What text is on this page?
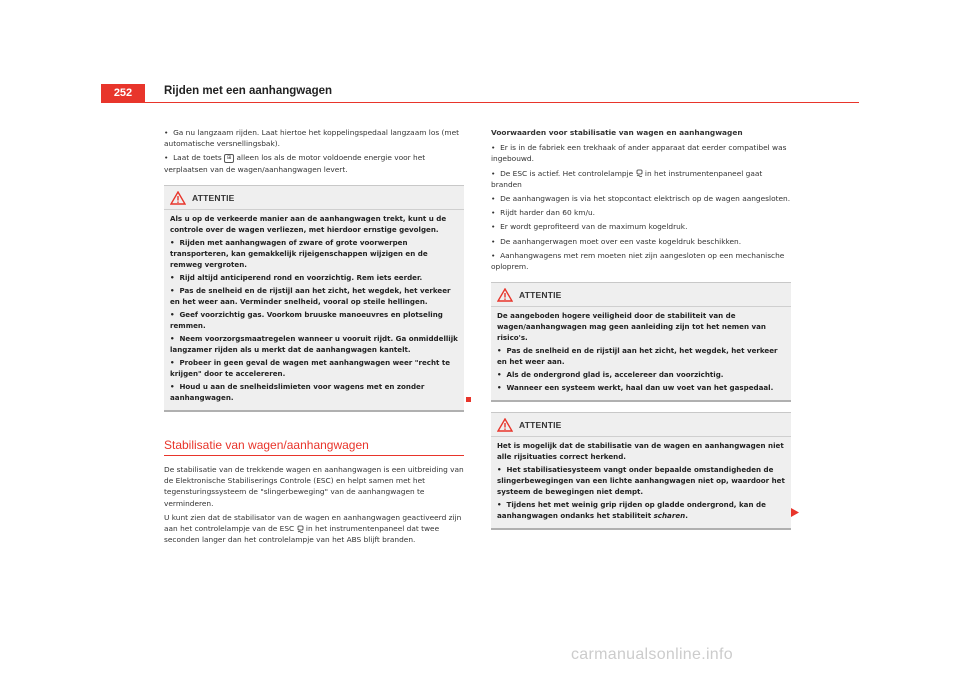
252	Rijden met een aanhangwagen
•  Ga nu langzaam rijden. Laat hiertoe het koppelingspedaal langzaam los (met automatische versnellingsbak).
•  Laat de toets ⊞ alleen los als de motor voldoende energie voor het verplaatsen van de wagen/aanhangwagen levert.
ATTENTIE
Als u op de verkeerde manier aan de aanhangwagen trekt, kunt u de controle over de wagen verliezen, met hierdoor ernstige gevolgen.
•  Rijden met aanhangwagen of zware of grote voorwerpen transporteren, kan gemakkelijk rijeigenschappen wijzigen en de remweg vergroten.
•  Rijd altijd anticiperend rond en voorzichtig. Rem iets eerder.
•  Pas de snelheid en de rijstijl aan het zicht, het wegdek, het verkeer en het weer aan. Verminder snelheid, vooral op steile hellingen.
•  Geef voorzichtig gas. Voorkom bruuske manoeuvres en plotseling remmen.
•  Neem voorzorgsmaatregelen wanneer u vooruit rijdt. Ga onmiddellijk langzamer rijden als u merkt dat de aanhangwagen kantelt.
•  Probeer in geen geval de wagen met aanhangwagen weer "recht te krijgen" door te accelereren.
•  Houd u aan de snelheidslimieten voor wagens met en zonder aanhangwagen.
Stabilisatie van wagen/aanhangwagen
De stabilisatie van de trekkende wagen en aanhangwagen is een uitbreiding van de Elektronische Stabiliserings Controle (ESC) en helpt samen met het tegensturingssysteem de "slingerbeweging" van de aanhangwagen te verminderen.
U kunt zien dat de stabilisator van de wagen en aanhangwagen geactiveerd zijn aan het controlelampje van de ESC  in het instrumentenpaneel dat twee seconden langer dan het controlelampje van het ABS blijft branden.
Voorwaarden voor stabilisatie van wagen en aanhangwagen
•  Er is in de fabriek een trekhaak of ander apparaat dat eerder compatibel was ingebouwd.
•  De ESC is actief. Het controlelampje  in het instrumentenpaneel gaat branden
•  De aanhangwagen is via het stopcontact elektrisch op de wagen aangesloten.
•  Rijdt harder dan 60 km/u.
•  Er wordt geprofiteerd van de maximum kogeldruk.
•  De aanhangerwagen moet over een vaste kogeldruk beschikken.
•  Aanhangwagens met rem moeten niet zijn aangesloten op een mechanische oploprem.
ATTENTIE
De aangeboden hogere veiligheid door de stabiliteit van de wagen/aanhangwagen mag geen aanleiding zijn tot het nemen van risico's.
•  Pas de snelheid en de rijstijl aan het zicht, het wegdek, het verkeer en het weer aan.
•  Als de ondergrond glad is, accelereer dan voorzichtig.
•  Wanneer een systeem werkt, haal dan uw voet van het gaspedaal.
ATTENTIE
Het is mogelijk dat de stabilisatie van de wagen en aanhangwagen niet alle rijsituaties correct herkend.
•  Het stabilisatiesysteem vangt onder bepaalde omstandigheden de slingerbewegingen van een lichte aanhangwagen niet op, waardoor het systeem de bewegingen niet dempt.
•  Tijdens het met weinig grip rijden op gladde ondergrond, kan de aanhangwagen ondanks het stabiliteit scharen.
carmanualsonline.info
